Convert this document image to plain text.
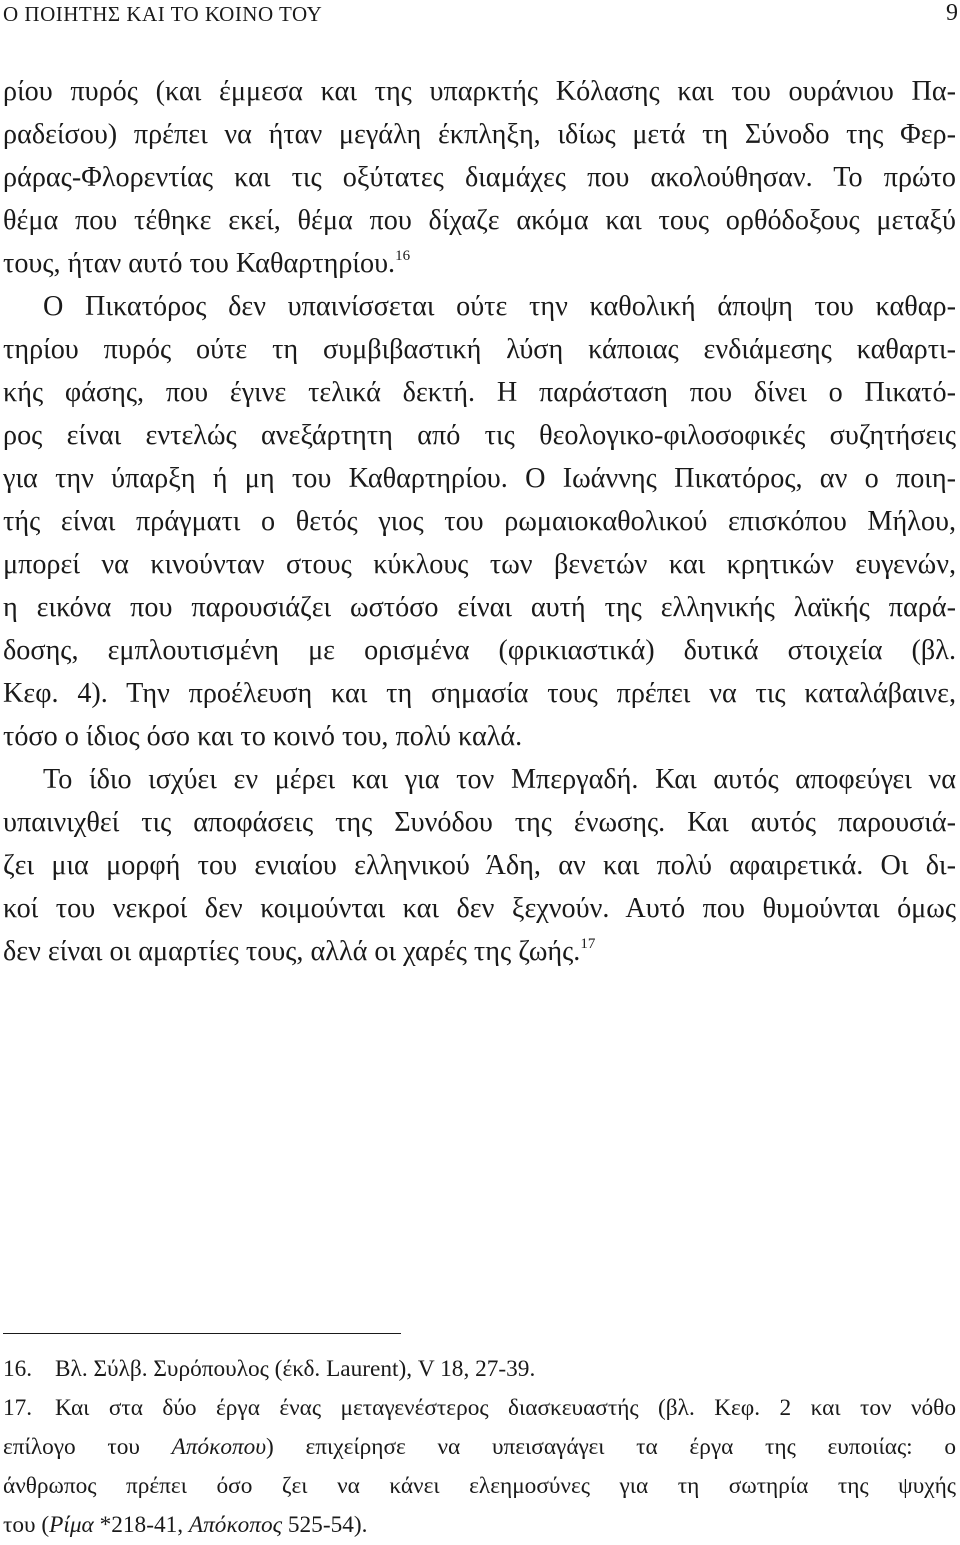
Ο ΠΟΙΗΤΗΣ ΚΑΙ ΤΟ ΚΟΙΝΟ ΤΟΥ	9
ρίου πυρός (και έμμεσα και της υπαρκτής Κόλασης και του ουράνιου Πα-
ραδείσου) πρέπει να ήταν μεγάλη έκπληξη, ιδίως μετά τη Σύνοδο της Φερ-
ράρας-Φλορεντίας και τις οξύτατες διαμάχες που ακολούθησαν. Το πρώτο
θέμα που τέθηκε εκεί, θέμα που δίχαζε ακόμα και τους ορθόδοξους μεταξύ
τους, ήταν αυτό του Καθαρτηρίου.$^{16}$
Ο Πικατόρος δεν υπαινίσσεται ούτε την καθολική άποψη του καθαρ-
τηρίου πυρός ούτε τη συμβιβαστική λύση κάποιας ενδιάμεσης καθαρτι-
κής φάσης, που έγινε τελικά δεκτή. Η παράσταση που δίνει ο Πικατό-
ρος είναι εντελώς ανεξάρτητη από τις θεολογικο-φιλοσοφικές συζητήσεις
για την ύπαρξη ή μη του Καθαρτηρίου. Ο Ιωάννης Πικατόρος, αν ο ποιη-
τής είναι πράγματι ο θετός γιος του ρωμαιοκαθολικού επισκόπου Μήλου,
μπορεί να κινούνταν στους κύκλους των βενετών και κρητικών ευγενών,
η εικόνα που παρουσιάζει ωστόσο είναι αυτή της ελληνικής λαϊκής παρά-
δοσης, εμπλουτισμένη με ορισμένα (φρικιαστικά) δυτικά στοιχεία (βλ.
Κεφ. 4). Την προέλευση και τη σημασία τους πρέπει να τις καταλάβαινε,
τόσο ο ίδιος όσο και το κοινό του, πολύ καλά.
Το ίδιο ισχύει εν μέρει και για τον Μπεργαδή. Και αυτός αποφεύγει να
υπαινιχθεί τις αποφάσεις της Συνόδου της ένωσης. Και αυτός παρουσιά-
ζει μια μορφή του ενιαίου ελληνικού Άδη, αν και πολύ αφαιρετικά. Οι δι-
κοί του νεκροί δεν κοιμούνται και δεν ξεχνούν. Αυτό που θυμούνται όμως
δεν είναι οι αμαρτίες τους, αλλά οι χαρές της ζωής.$^{17}$
16. Βλ. Σύλβ. Συρόπουλος (έκδ. Laurent), V 18, 27-39.
17. Και στα δύο έργα ένας μεταγενέστερος διασκευαστής (βλ. Κεφ. 2 και τον νόθο
επίλογο του Απόκοπου) επιχείρησε να υπεισαγάγει τα έργα της ευποιίας: ο
άνθρωπος πρέπει όσο ζει να κάνει ελεημοσύνες για τη σωτηρία της ψυχής
του (Ρίμα *218-41, Απόκοπος 525-54).
